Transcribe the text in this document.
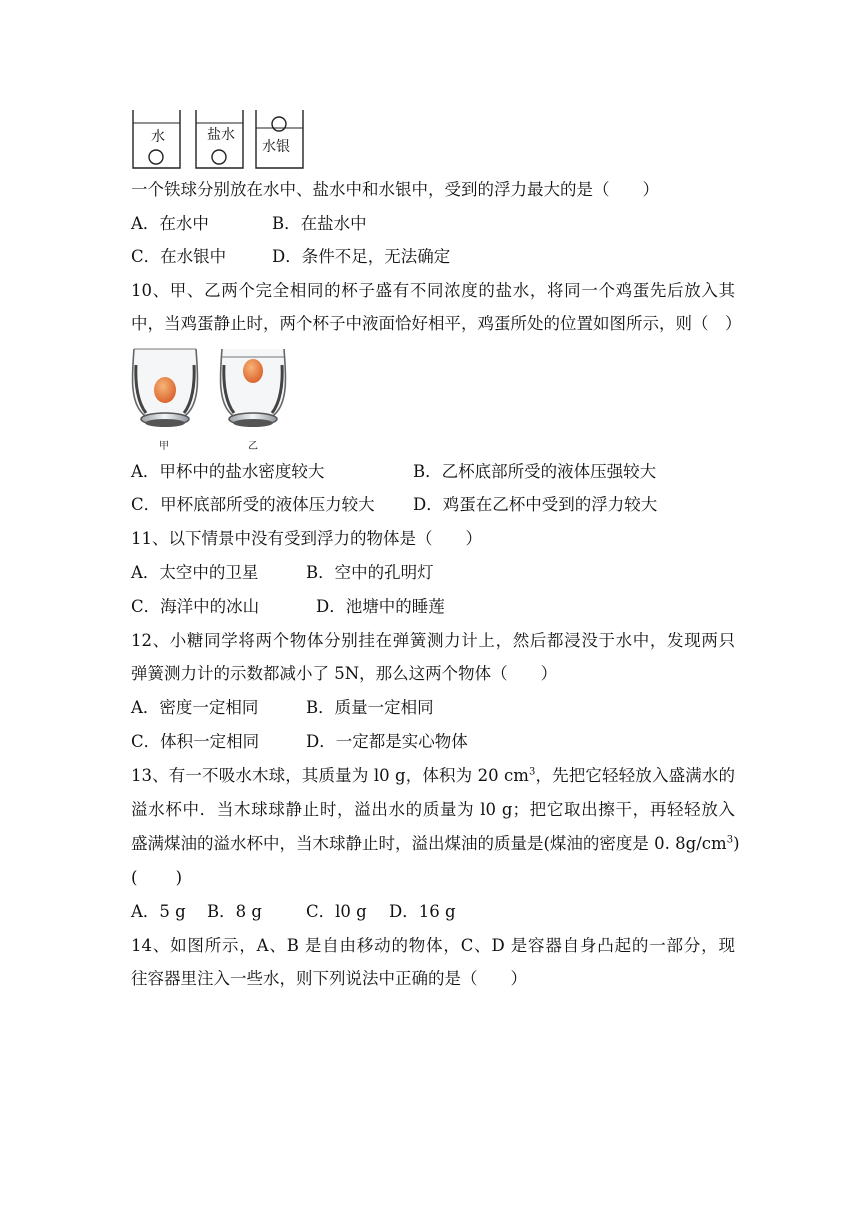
水	盐水
水银
一个铁球分别放在水中、盐水中和水银中，受到的浮力最大的是（　　）
A．在水中	B．在盐水中
C．在水银中	D．条件不足，无法确定
10、甲、乙两个完全相同的杯子盛有不同浓度的盐水，将同一个鸡蛋先后放入其
中，当鸡蛋静止时，两个杯子中液面恰好相平，鸡蛋所处的位置如图所示，则（　）
甲	乙
A．甲杯中的盐水密度较大	B．乙杯底部所受的液体压强较大
C．甲杯底部所受的液体压力较大 D．鸡蛋在乙杯中受到的浮力较大
11、以下情景中没有受到浮力的物体是（　　）
A．太空中的卫星	B．空中的孔明灯
C．海洋中的冰山	D．池塘中的睡莲
12、小糖同学将两个物体分别挂在弹簧测力计上，然后都浸没于水中，发现两只
弹簧测力计的示数都减小了 5N，那么这两个物体（　　）
A．密度一定相同	B．质量一定相同
C．体积一定相同	D．一定都是实心物体
13、有一不吸水木球，其质量为 l0 g，体积为 20 $cm^3$，先把它轻轻放入盛满水的
溢水杯中．当木球球静止时，溢出水的质量为 l0 g；把它取出擦干，再轻轻放入
盛满煤油的溢水杯中，当木球静止时，溢出煤油的质量是(煤油的密度是 0. $8g/cm^3$)
(　　 )
A．5 g B．8 g	C．l0 g D．16 g
14、如图所示，A、B 是自由移动的物体，C、D 是容器自身凸起的一部分，现
往容器里注入一些水，则下列说法中正确的是（　　）
